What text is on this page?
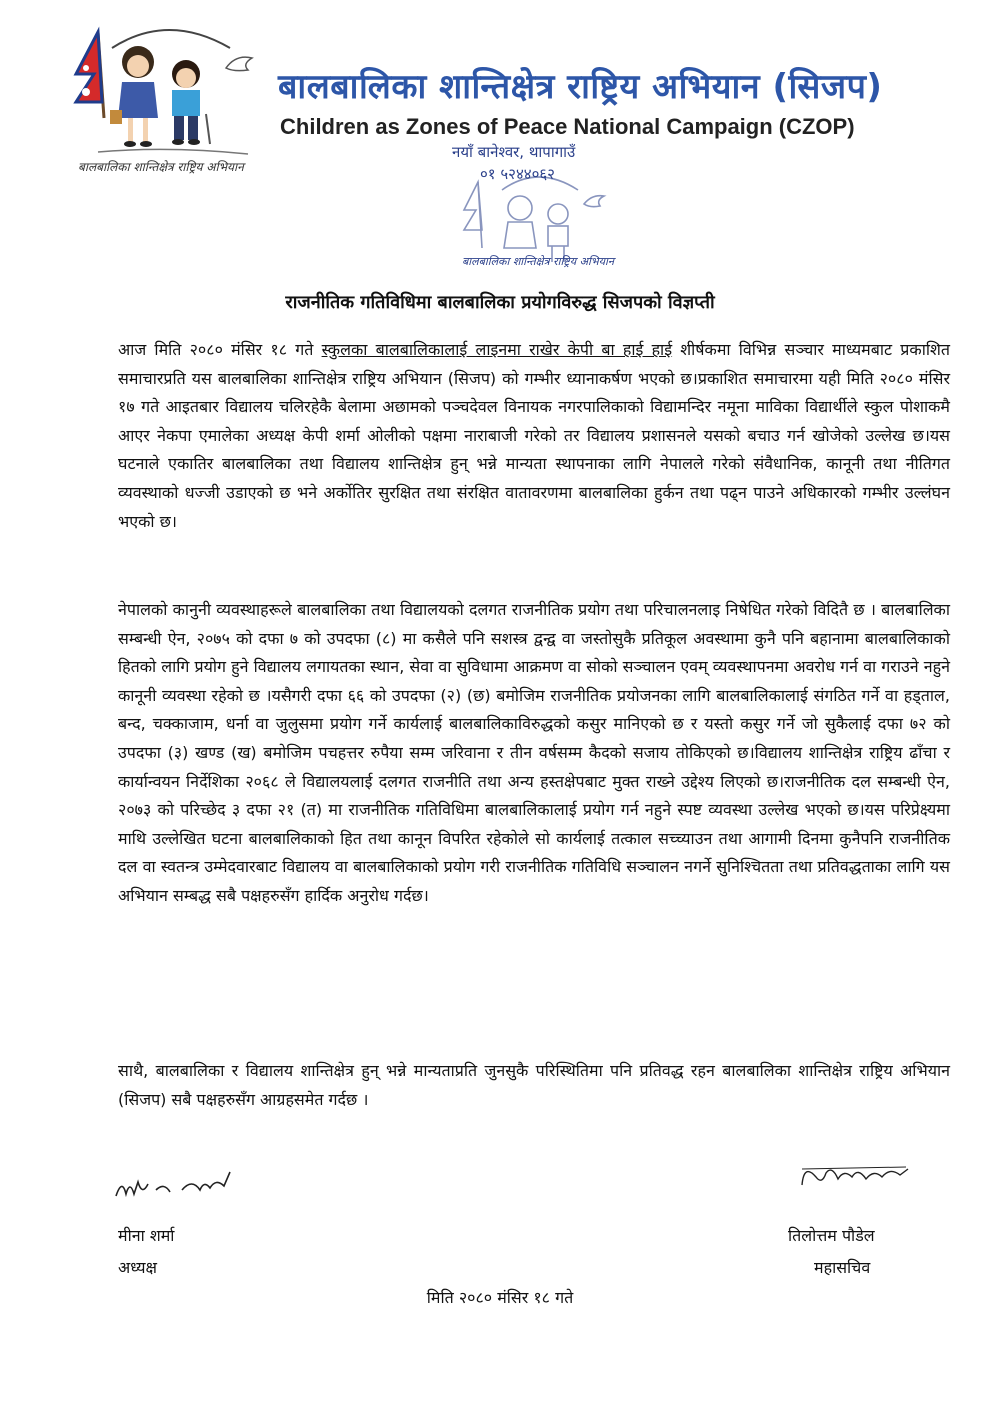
बालबालिका शान्तिक्षेत्र राष्ट्रिय अभियान
बालबालिका शान्तिक्षेत्र राष्ट्रिय अभियान (सिजप)
Children as Zones of Peace National Campaign (CZOP)
नयाँ बानेश्वर, थापागाउँ
०१ ५२४४०६२
बालबालिका शान्तिक्षेत्र राष्ट्रिय अभियान
राजनीतिक गतिविधिमा बालबालिका प्रयोगविरुद्ध सिजपको विज्ञप्ती
आज मिति २०८० मंसिर १८ गते स्कुलका बालबालिकालाई लाइनमा राखेर केपी बा हाई हाई शीर्षकमा विभिन्न सञ्चार माध्यमबाट प्रकाशित समाचारप्रति यस बालबालिका शान्तिक्षेत्र राष्ट्रिय अभियान (सिजप) को गम्भीर ध्यानाकर्षण भएको छ।प्रकाशित समाचारमा यही मिति २०८० मंसिर १७ गते आइतबार विद्यालय चलिरहेकै बेलामा अछामको पञ्चदेवल विनायक नगरपालिकाको विद्यामन्दिर नमूना माविका विद्यार्थीले स्कुल पोशाकमै आएर नेकपा एमालेका अध्यक्ष केपी शर्मा ओलीको पक्षमा नाराबाजी गरेको तर विद्यालय प्रशासनले यसको बचाउ गर्न खोजेको उल्लेख छ।यस घटनाले एकातिर बालबालिका तथा विद्यालय शान्तिक्षेत्र हुन् भन्ने मान्यता स्थापनाका लागि नेपालले गरेको संवैधानिक, कानूनी तथा नीतिगत व्यवस्थाको धज्जी उडाएको छ भने अर्कोतिर सुरक्षित तथा संरक्षित वातावरणमा बालबालिका हुर्कन तथा पढ्न पाउने अधिकारको गम्भीर उल्लंघन भएको छ।
नेपालको कानुनी व्यवस्थाहरूले बालबालिका तथा विद्यालयको दलगत राजनीतिक प्रयोग तथा परिचालनलाइ निषेधित गरेको विदितै छ । बालबालिका सम्बन्धी ऐन, २०७५ को दफा ७ को उपदफा (८) मा कसैले पनि सशस्त्र द्वन्द्व वा जस्तोसुकै प्रतिकूल अवस्थामा कुनै पनि बहानामा बालबालिकाको हितको लागि प्रयोग हुने विद्यालय लगायतका स्थान, सेवा वा सुविधामा आक्रमण वा सोको सञ्चालन एवम् व्यवस्थापनमा अवरोध गर्न वा गराउने नहुने कानूनी व्यवस्था रहेको छ ।यसैगरी दफा ६६ को उपदफा (२) (छ) बमोजिम राजनीतिक प्रयोजनका लागि बालबालिकालाई संगठित गर्ने वा हड्ताल, बन्द, चक्काजाम, धर्ना वा जुलुसमा प्रयोग गर्ने कार्यलाई बालबालिकाविरुद्धको कसुर मानिएको छ र यस्तो कसुर गर्ने जो सुकैलाई दफा ७२ को उपदफा (३) खण्ड (ख) बमोजिम पचहत्तर रुपैया सम्म जरिवाना र तीन वर्षसम्म कैदको सजाय तोकिएको छ।विद्यालय शान्तिक्षेत्र राष्ट्रिय ढाँचा र कार्यान्वयन निर्देशिका २०६८ ले विद्यालयलाई दलगत राजनीति तथा अन्य हस्तक्षेपबाट मुक्त राख्ने उद्देश्य लिएको छ।राजनीतिक दल सम्बन्धी ऐन, २०७३ को परिच्छेद ३ दफा २१ (त) मा राजनीतिक गतिविधिमा बालबालिकालाई प्रयोग गर्न नहुने स्पष्ट व्यवस्था उल्लेख भएको छ।यस परिप्रेक्ष्यमा माथि उल्लेखित घटना बालबालिकाको हित तथा कानून विपरित रहेकोले सो कार्यलाई तत्काल सच्च्याउन तथा आगामी दिनमा कुनैपनि राजनीतिक दल वा स्वतन्त्र उम्मेदवारबाट विद्यालय वा बालबालिकाको प्रयोग गरी राजनीतिक गतिविधि सञ्चालन नगर्ने सुनिश्चितता तथा प्रतिवद्धताका लागि यस अभियान सम्बद्ध सबै पक्षहरुसँग हार्दिक अनुरोध गर्दछ।
साथै, बालबालिका र विद्यालय शान्तिक्षेत्र हुन् भन्ने मान्यताप्रति जुनसुकै परिस्थितिमा पनि प्रतिवद्ध रहन बालबालिका शान्तिक्षेत्र राष्ट्रिय अभियान (सिजप) सबै पक्षहरुसँग आग्रहसमेत गर्दछ ।
मीना शर्मा
अध्यक्ष
तिलोत्तम पौडेल
महासचिव
मिति २०८० मंसिर १८ गते
